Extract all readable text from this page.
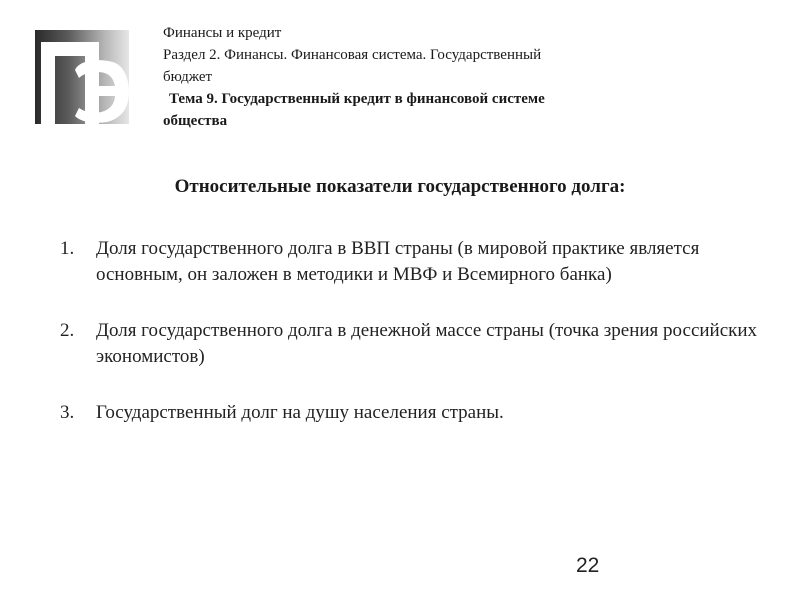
Финансы и кредит
Раздел 2. Финансы. Финансовая система. Государственный
бюджет
Тема 9. Государственный кредит в финансовой системе
общества
Относительные показатели государственного долга:
1.	Доля государственного долга в ВВП страны (в мировой практике является основным, он заложен в методики и МВФ и Всемирного банка)
2.	Доля государственного долга в денежной массе страны (точка зрения российских экономистов)
3.	Государственный долг на душу населения страны.
22
